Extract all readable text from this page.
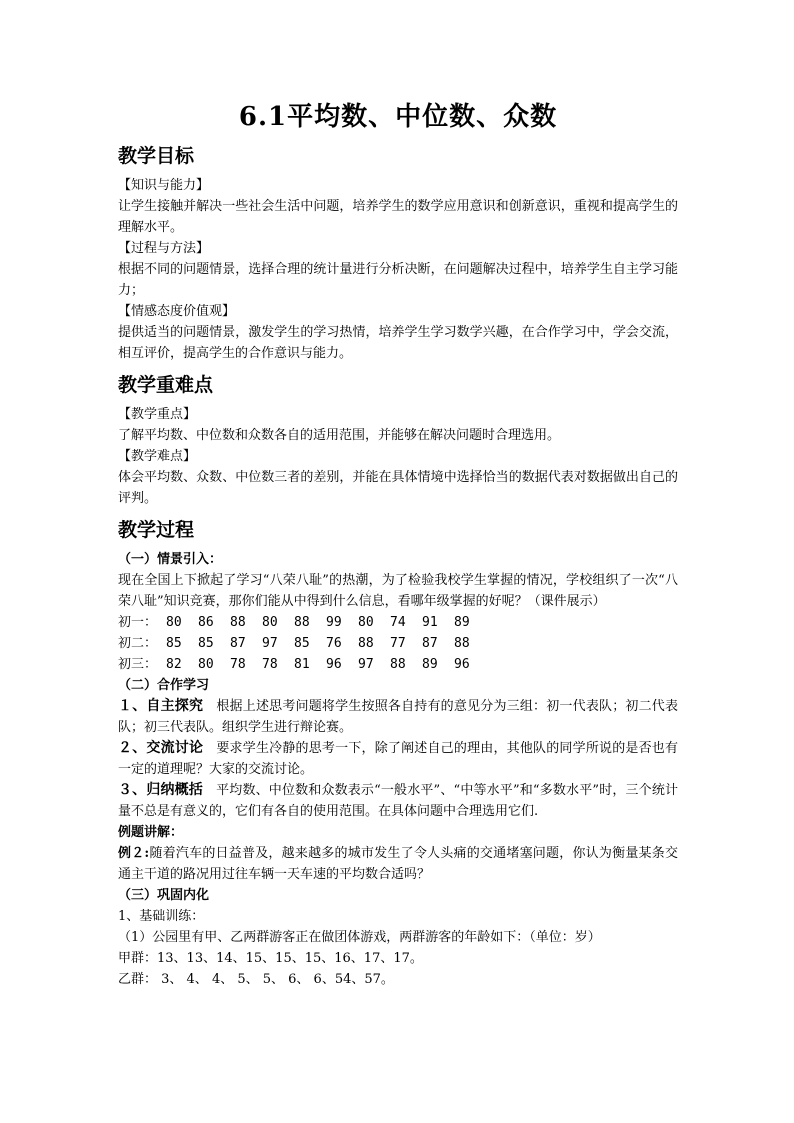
6.1平均数、中位数、众数
教学目标

【知识与能力】

让学生接触并解决一些社会生活中问题，培养学生的数学应用意识和创新意识，重视和提高学生的理解水平。

【过程与方法】

根据不同的问题情景，选择合理的统计量进行分析决断，在问题解决过程中，培养学生自主学习能力；

【情感态度价值观】

提供适当的问题情景，激发学生的学习热情，培养学生学习数学兴趣，在合作学习中，学会交流，相互评价，提高学生的合作意识与能力。

教学重难点

【教学重点】

了解平均数、中位数和众数各自的适用范围，并能够在解决问题时合理选用。

【教学难点】

体会平均数、众数、中位数三者的差别，并能在具体情境中选择恰当的数据代表对数据做出自己的评判。

教学过程

（一）情景引入：

现在全国上下掀起了学习“八荣八耻”的热潮，为了检验我校学生掌握的情况，学校组织了一次“八荣八耻”知识竞赛，那你们能从中得到什么信息，看哪年级掌握的好呢？（课件展示）

初一： 80 86 88 80 88 99 80 74 91 89

初二： 85 85 87 97 85 76 88 77 87 88

初三： 82 80 78 78 81 96 97 88 89 96

（二）合作学习

１、自主探究　根据上述思考问题将学生按照各自持有的意见分为三组：初一代表队；初二代表队；初三代表队。组织学生进行辩论赛。

２、交流讨论　要求学生冷静的思考一下，除了阐述自己的理由，其他队的同学所说的是否也有一定的道理呢？大家的交流讨论。

３、归纳概括　平均数、中位数和众数表示“一般水平”、“中等水平”和“多数水平”时，三个统计量不总是有意义的，它们有各自的使用范围。在具体问题中合理选用它们.

例题讲解：

例２:随着汽车的日益普及，越来越多的城市发生了令人头痛的交通堵塞问题，你认为衡量某条交通主干道的路况用过往车辆一天车速的平均数合适吗？

（三）巩固内化

1、基础训练：

（1）公园里有甲、乙两群游客正在做团体游戏，两群游客的年龄如下：（单位：岁）

甲群：13、13、14、15、15、15、16、17、17。

乙群： 3、 4、 4、 5、 5、 6、 6、54、57。
